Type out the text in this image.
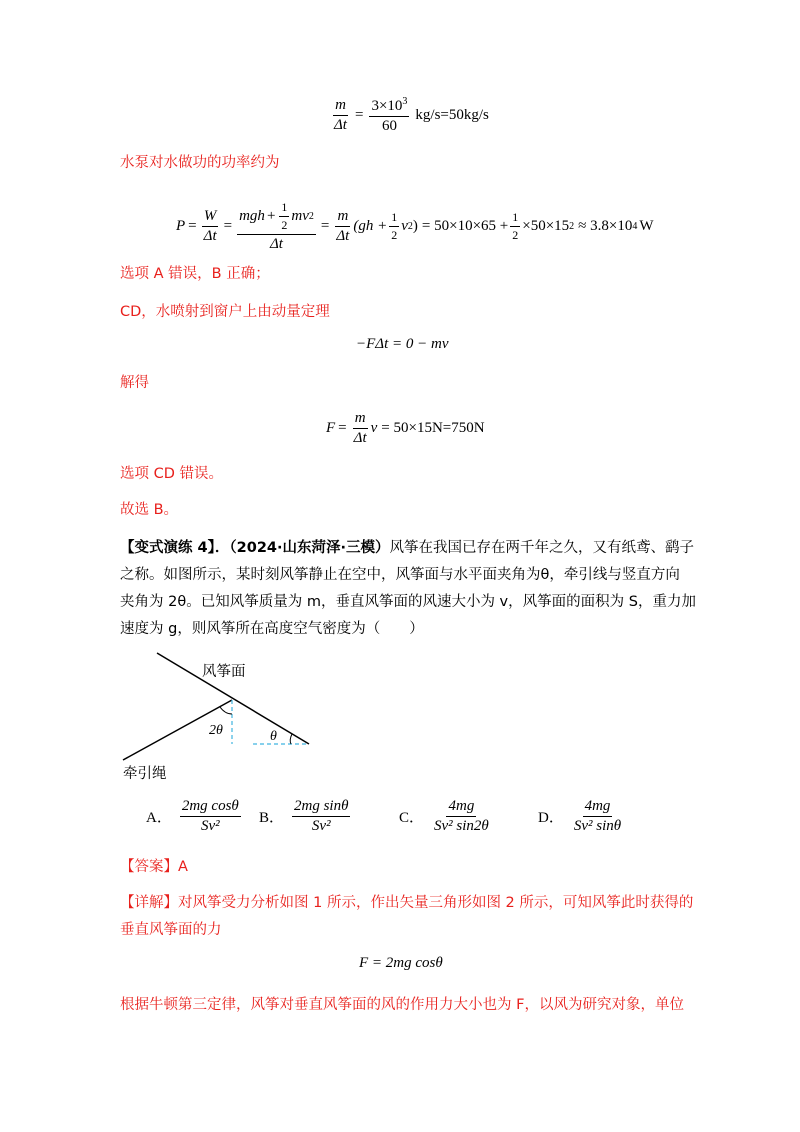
$\frac{m}{\Delta t} = \frac{3\times 10^3}{60} kg/s=50kg/s$
水泵对水做功的功率约为
$P = \frac{W}{\Delta t} = \frac{mgh + \frac{1}{2} mv 2}{\Delta t} = \frac{m}{\Delta t} (gh + \frac{1}{2}$ v 2 ) = $50\times 10\times 65 + \frac{1}{2} \times 50\times 15$ 2 ≈ 3.8×10 4 W
选项 A 错误，B 正确；
CD，水喷射到窗户上由动量定理
−FΔt = 0 − mv
解得
$F = \frac{m}{\Delta t}$ v = 50×15N=750N
选项 CD 错误。
故选 B。
【变式演练 4】．（2024·山东菏泽·三模）风筝在我国已存在两千年之久，又有纸鸢、鹞子
之称。如图所示，某时刻风筝静止在空中，风筝面与水平面夹角为θ，牵引线与竖直方向
夹角为 2θ。已知风筝质量为 m，垂直风筝面的风速大小为 v，风筝面的面积为 S，重力加
速度为 g，则风筝所在高度空气密度为（　　）
2θ	θ
风筝面
牵引绳
A． $\frac{\text{2mg cosθ}}{\text{Sv²}}$ B． $\frac{\text{2mg sinθ}}{\text{Sv²}}$	C． $\frac{4mg}{\text{Sv² sin2θ}}$	D． $\frac{4mg}{\text{Sv² sinθ}}$
【答案】A
【详解】对风筝受力分析如图 1 所示，作出矢量三角形如图 2 所示，可知风筝此时获得的
垂直风筝面的力
F = 2mg cosθ
根据牛顿第三定律，风筝对垂直风筝面的风的作用力大小也为 F，以风为研究对象，单位
